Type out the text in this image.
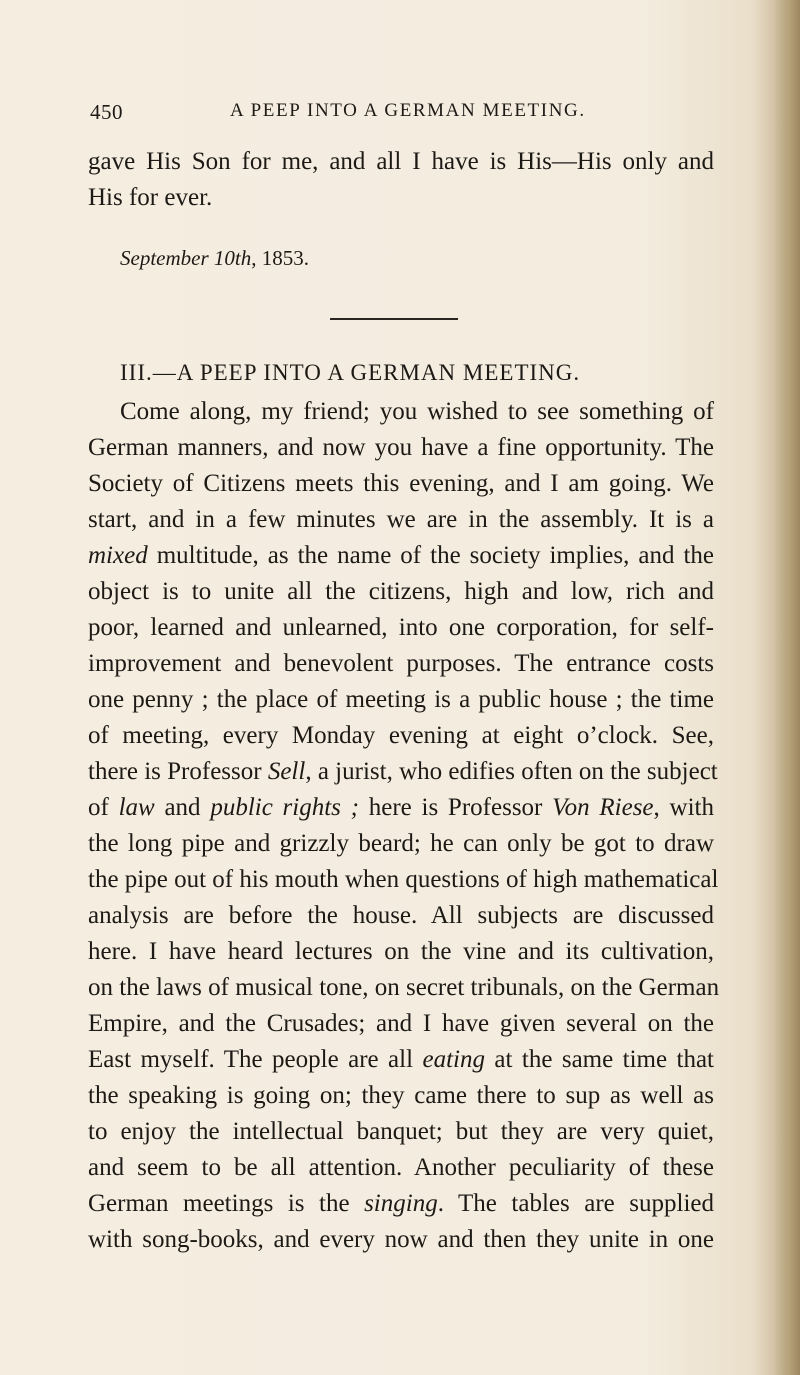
450	A PEEP INTO A GERMAN MEETING.
gave His Son for me, and all I have is His—His only and
His for ever.
September 10th, 1853.
III.—A PEEP INTO A GERMAN MEETING.
Come along, my friend; you wished to see something of
German manners, and now you have a fine opportunity. The
Society of Citizens meets this evening, and I am going. We
start, and in a few minutes we are in the assembly. It is a
mixed multitude, as the name of the society implies, and the
object is to unite all the citizens, high and low, rich and
poor, learned and unlearned, into one corporation, for self-
improvement and benevolent purposes. The entrance costs
one penny ; the place of meeting is a public house ; the time
of meeting, every Monday evening at eight o’clock. See,
there is Professor Sell, a jurist, who edifies often on the subject
of law and public rights ; here is Professor Von Riese, with
the long pipe and grizzly beard; he can only be got to draw
the pipe out of his mouth when questions of high mathematical
analysis are before the house. All subjects are discussed
here. I have heard lectures on the vine and its cultivation,
on the laws of musical tone, on secret tribunals, on the German
Empire, and the Crusades; and I have given several on the
East myself. The people are all eating at the same time that
the speaking is going on; they came there to sup as well as
to enjoy the intellectual banquet; but they are very quiet,
and seem to be all attention. Another peculiarity of these
German meetings is the singing. The tables are supplied
with song-books, and every now and then they unite in one
